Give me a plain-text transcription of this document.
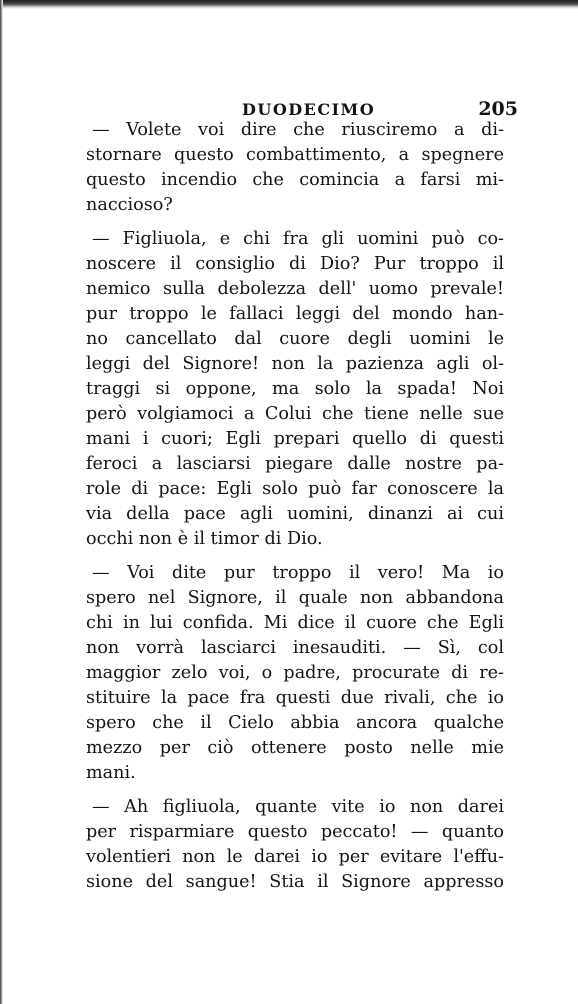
DUODECIMO	205
— Volete voi dire che riusciremo a di-
stornare questo combattimento, a spegnere
questo incendio che comincia a farsi mi-
naccioso?
— Figliuola, e chi fra gli uomini può co-
noscere il consiglio di Dio? Pur troppo il
nemico sulla debolezza dell' uomo prevale!
pur troppo le fallaci leggi del mondo han-
no cancellato dal cuore degli uomini le
leggi del Signore! non la pazienza agli ol-
traggi si oppone, ma solo la spada! Noi
però volgiamoci a Colui che tiene nelle sue
mani i cuori; Egli prepari quello di questi
feroci a lasciarsi piegare dalle nostre pa-
role di pace: Egli solo può far conoscere la
via della pace agli uomini, dinanzi ai cui
occhi non è il timor di Dio.
— Voi dite pur troppo il vero! Ma io
spero nel Signore, il quale non abbandona
chi in lui confida. Mi dice il cuore che Egli
non vorrà lasciarci inesauditi. — Sì, col
maggior zelo voi, o padre, procurate di re-
stituire la pace fra questi due rivali, che io
spero che il Cielo abbia ancora qualche
mezzo per ciò ottenere posto nelle mie
mani.
— Ah figliuola, quante vite io non darei
per risparmiare questo peccato! — quanto
volentieri non le darei io per evitare l'effu-
sione del sangue! Stia il Signore appresso
